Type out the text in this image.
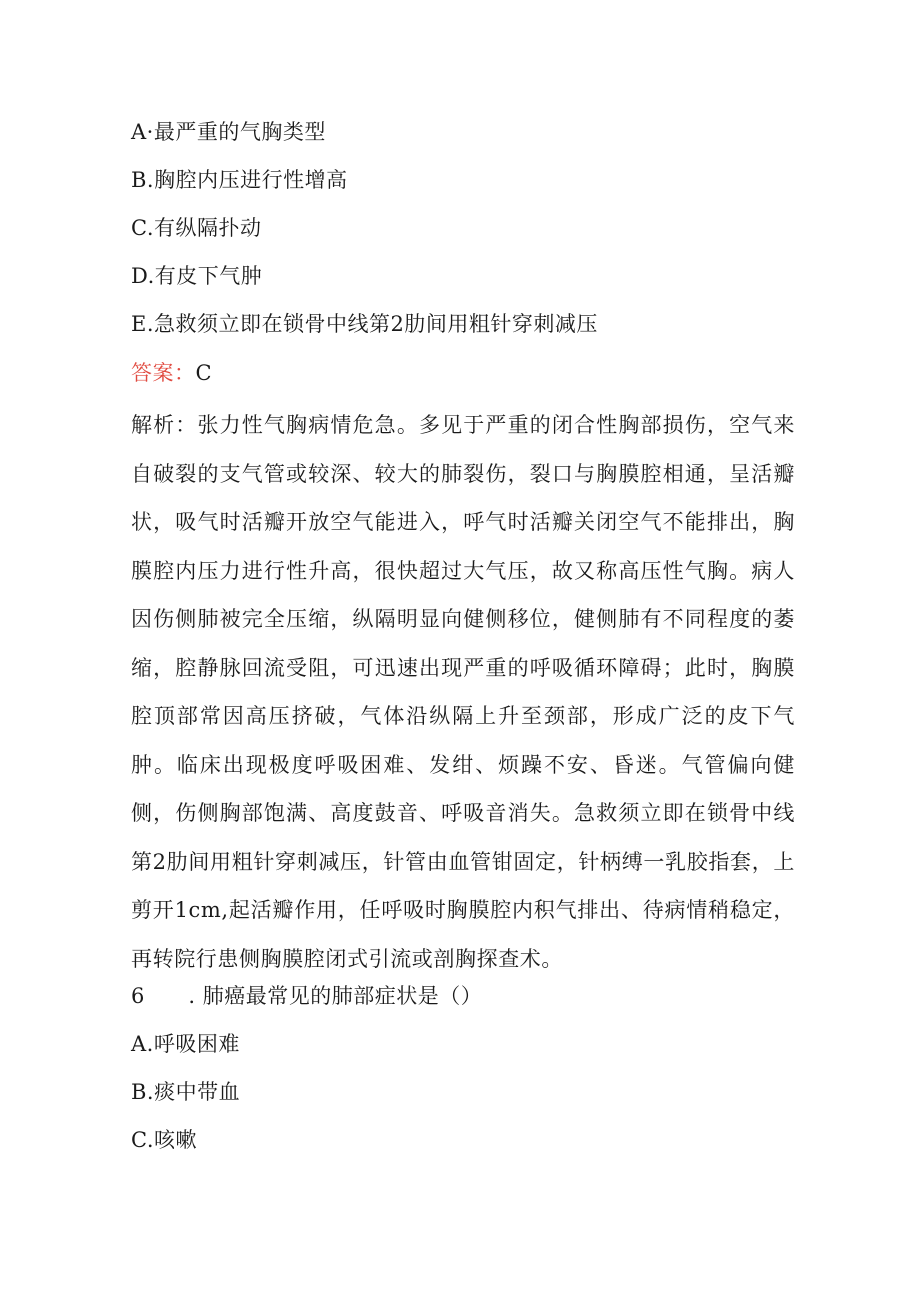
A·最严重的气胸类型
B.胸腔内压进行性增高
C.有纵隔扑动
D.有皮下气肿
E.急救须立即在锁骨中线第2肋间用粗针穿刺减压
答案：C
解析：张力性气胸病情危急。多见于严重的闭合性胸部损伤，空气来自破裂的支气管或较深、较大的肺裂伤，裂口与胸膜腔相通，呈活瓣状，吸气时活瓣开放空气能进入，呼气时活瓣关闭空气不能排出，胸膜腔内压力进行性升高，很快超过大气压，故又称高压性气胸。病人因伤侧肺被完全压缩，纵隔明显向健侧移位，健侧肺有不同程度的萎缩，腔静脉回流受阻，可迅速出现严重的呼吸循环障碍；此时，胸膜腔顶部常因高压挤破，气体沿纵隔上升至颈部，形成广泛的皮下气肿。临床出现极度呼吸困难、发绀、烦躁不安、昏迷。气管偏向健侧，伤侧胸部饱满、高度鼓音、呼吸音消失。急救须立即在锁骨中线第2肋间用粗针穿刺减压，针管由血管钳固定，针柄缚一乳胶指套，上剪开1cm,起活瓣作用，任呼吸时胸膜腔内积气排出、待病情稍稳定，再转院行患侧胸膜腔闭式引流或剖胸探查术。
6	. 肺癌最常见的肺部症状是（）
A.呼吸困难
B.痰中带血
C.咳嗽
